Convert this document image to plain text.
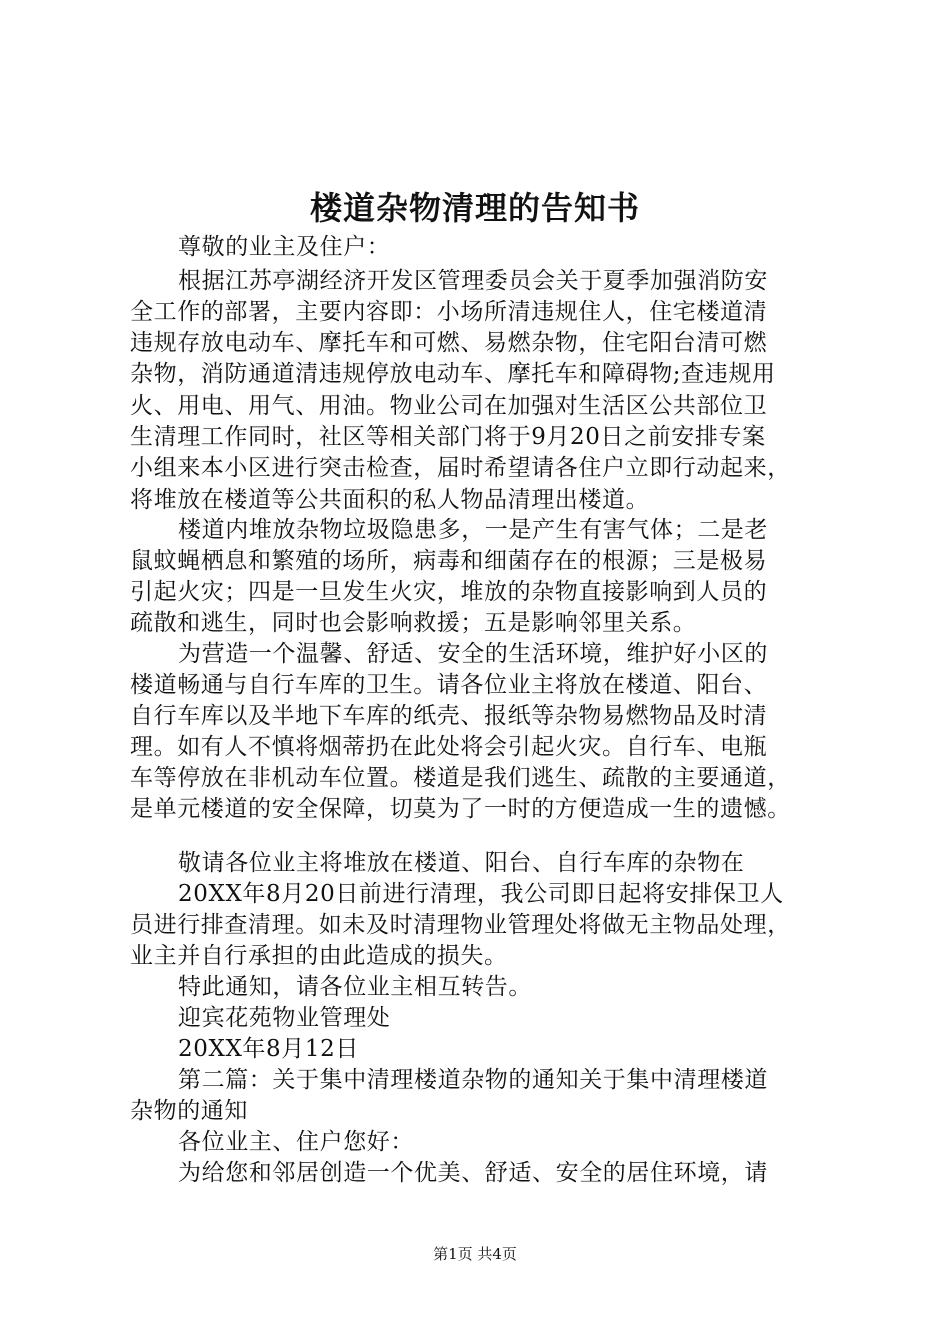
楼道杂物清理的告知书
尊敬的业主及住户：
根据江苏亭湖经济开发区管理委员会关于夏季加强消防安
全工作的部署，主要内容即：小场所清违规住人，住宅楼道清
违规存放电动车、摩托车和可燃、易燃杂物，住宅阳台清可燃
杂物，消防通道清违规停放电动车、摩托车和障碍物;查违规用
火、用电、用气、用油。物业公司在加强对生活区公共部位卫
生清理工作同时，社区等相关部门将于9月20日之前安排专案
小组来本小区进行突击检查，届时希望请各住户立即行动起来，
将堆放在楼道等公共面积的私人物品清理出楼道。
楼道内堆放杂物垃圾隐患多，一是产生有害气体；二是老
鼠蚊蝇栖息和繁殖的场所，病毒和细菌存在的根源；三是极易
引起火灾；四是一旦发生火灾，堆放的杂物直接影响到人员的
疏散和逃生，同时也会影响救援；五是影响邻里关系。
为营造一个温馨、舒适、安全的生活环境，维护好小区的
楼道畅通与自行车库的卫生。请各位业主将放在楼道、阳台、
自行车库以及半地下车库的纸壳、报纸等杂物易燃物品及时清
理。如有人不慎将烟蒂扔在此处将会引起火灾。自行车、电瓶
车等停放在非机动车位置。楼道是我们逃生、疏散的主要通道，
是单元楼道的安全保障，切莫为了一时的方便造成一生的遗憾。
敬请各位业主将堆放在楼道、阳台、自行车库的杂物在
20XX年8月20日前进行清理，我公司即日起将安排保卫人
员进行排查清理。如未及时清理物业管理处将做无主物品处理，
业主并自行承担的由此造成的损失。
特此通知，请各位业主相互转告。
迎宾花苑物业管理处
20XX年8月12日
第二篇：关于集中清理楼道杂物的通知关于集中清理楼道
杂物的通知
各位业主、住户您好：
为给您和邻居创造一个优美、舒适、安全的居住环境，请
第1页 共4页
